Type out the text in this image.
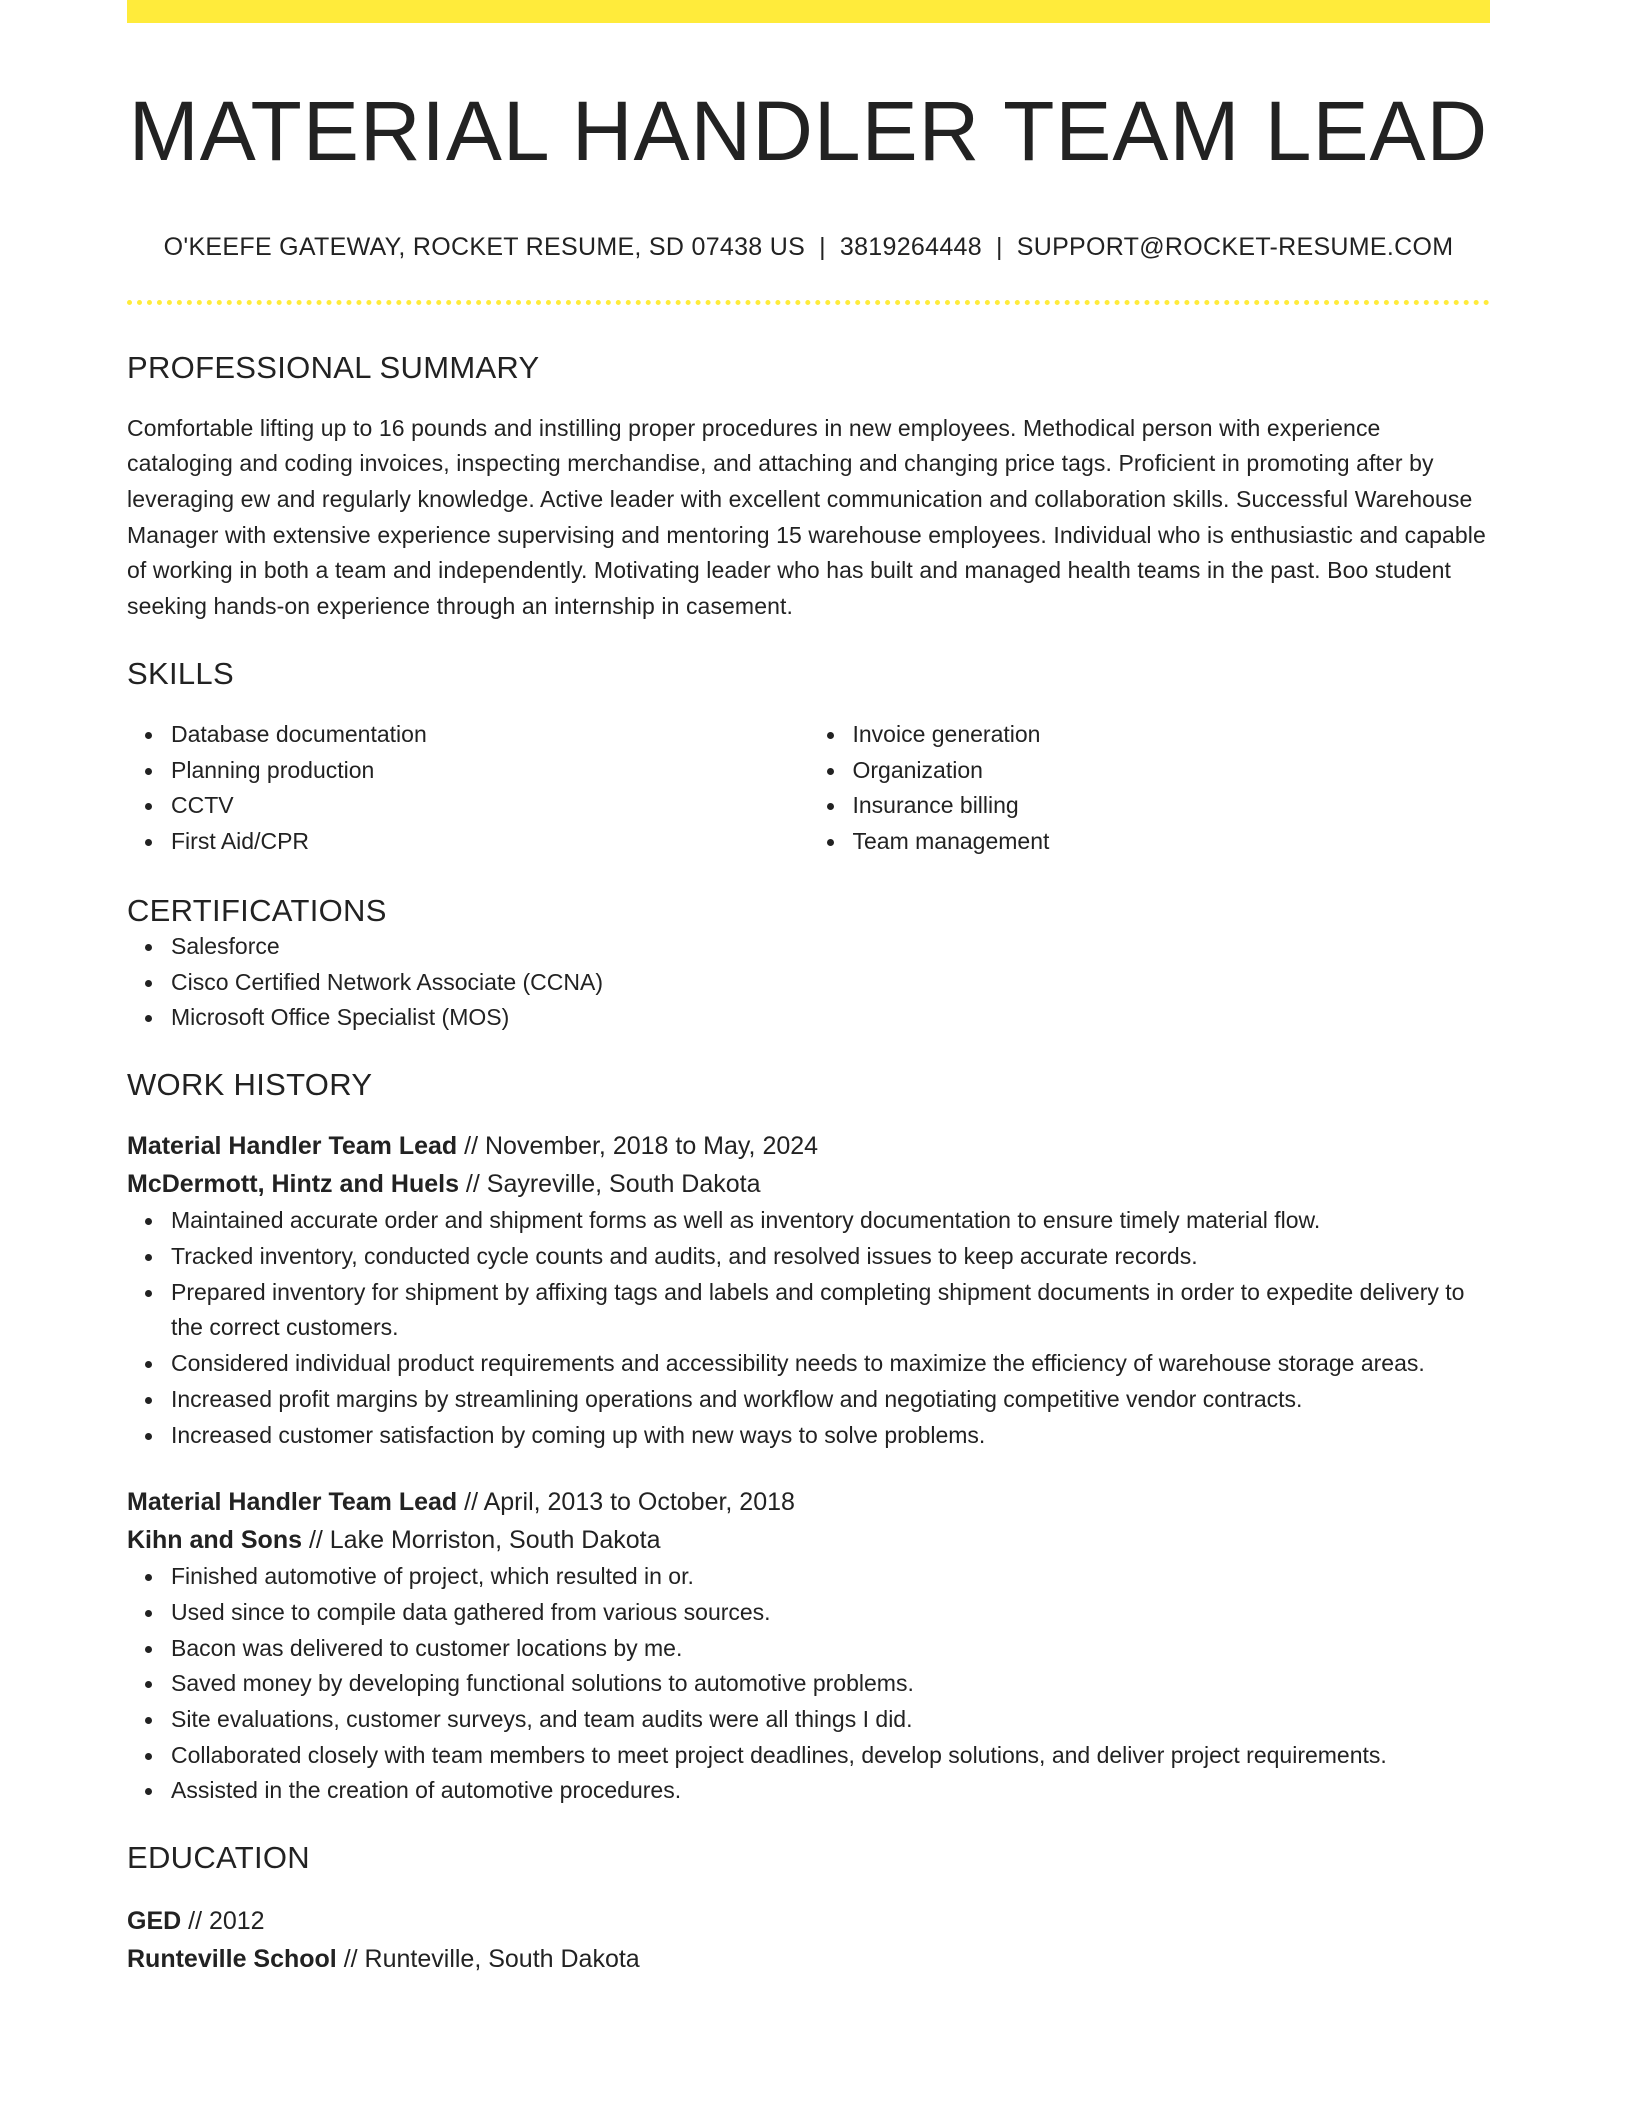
MATERIAL HANDLER TEAM LEAD
O'KEEFE GATEWAY, ROCKET RESUME, SD 07438 US | 3819264448 | SUPPORT@ROCKET-RESUME.COM
PROFESSIONAL SUMMARY
Comfortable lifting up to 16 pounds and instilling proper procedures in new employees. Methodical person with experience cataloging and coding invoices, inspecting merchandise, and attaching and changing price tags. Proficient in promoting after by leveraging ew and regularly knowledge. Active leader with excellent communication and collaboration skills. Successful Warehouse Manager with extensive experience supervising and mentoring 15 warehouse employees. Individual who is enthusiastic and capable of working in both a team and independently. Motivating leader who has built and managed health teams in the past. Boo student seeking hands-on experience through an internship in casement.
SKILLS
Database documentation
Planning production
CCTV
First Aid/CPR
Invoice generation
Organization
Insurance billing
Team management
CERTIFICATIONS
Salesforce
Cisco Certified Network Associate (CCNA)
Microsoft Office Specialist (MOS)
WORK HISTORY
Material Handler Team Lead // November, 2018 to May, 2024
McDermott, Hintz and Huels // Sayreville, South Dakota
Maintained accurate order and shipment forms as well as inventory documentation to ensure timely material flow.
Tracked inventory, conducted cycle counts and audits, and resolved issues to keep accurate records.
Prepared inventory for shipment by affixing tags and labels and completing shipment documents in order to expedite delivery to the correct customers.
Considered individual product requirements and accessibility needs to maximize the efficiency of warehouse storage areas.
Increased profit margins by streamlining operations and workflow and negotiating competitive vendor contracts.
Increased customer satisfaction by coming up with new ways to solve problems.
Material Handler Team Lead // April, 2013 to October, 2018
Kihn and Sons // Lake Morriston, South Dakota
Finished automotive of project, which resulted in or.
Used since to compile data gathered from various sources.
Bacon was delivered to customer locations by me.
Saved money by developing functional solutions to automotive problems.
Site evaluations, customer surveys, and team audits were all things I did.
Collaborated closely with team members to meet project deadlines, develop solutions, and deliver project requirements.
Assisted in the creation of automotive procedures.
EDUCATION
GED // 2012
Runteville School // Runteville, South Dakota
